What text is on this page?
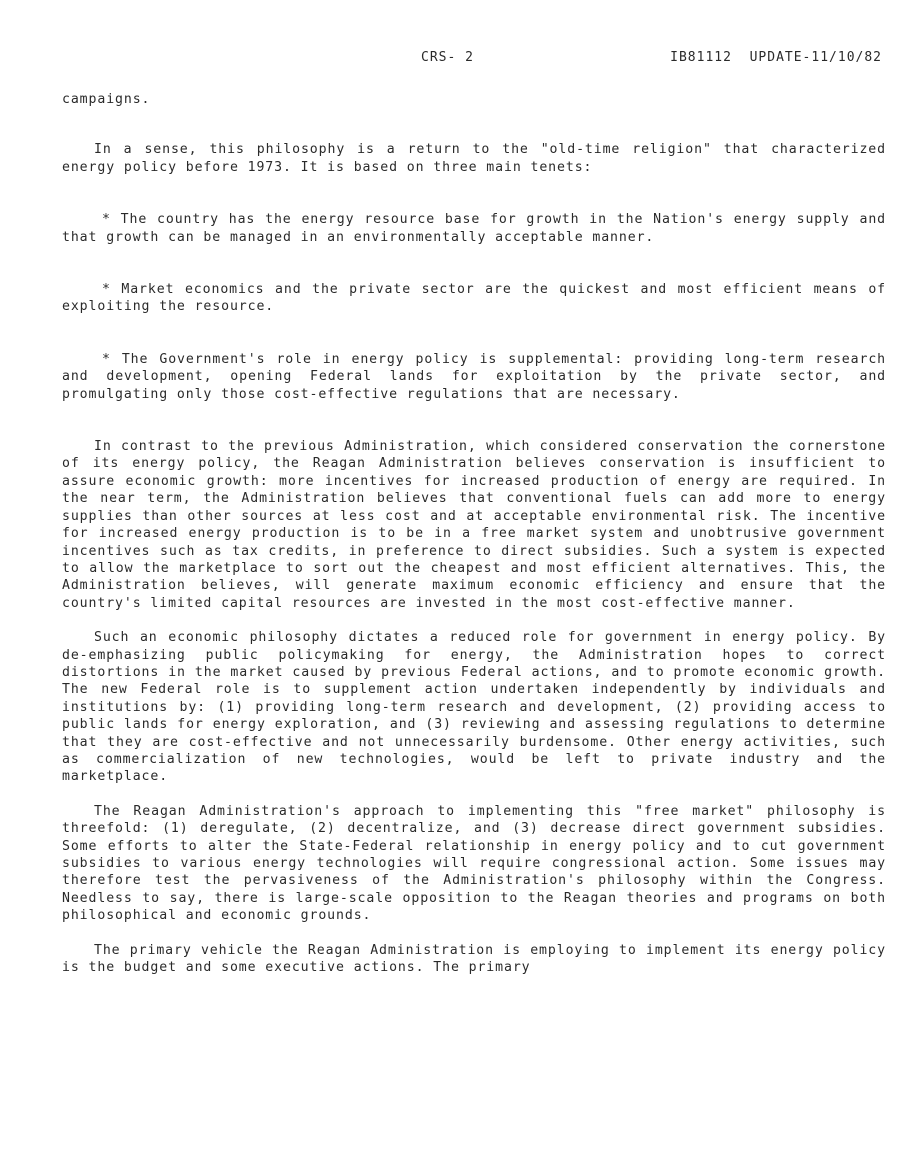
CRS- 2	IB81112  UPDATE-11/10/82

campaigns.

In a sense, this philosophy is a return to the "old-time religion" that characterized energy policy before 1973. It is based on three main tenets:

* The country has the energy resource base for growth in the Nation's energy supply and that growth can be managed in an environmentally acceptable manner.

* Market economics and the private sector are the quickest and most efficient means of exploiting the resource.

* The Government's role in energy policy is supplemental: providing long-term research and development, opening Federal lands for exploitation by the private sector, and promulgating only those cost-effective regulations that are necessary.

In contrast to the previous Administration, which considered conservation the cornerstone of its energy policy, the Reagan Administration believes conservation is insufficient to assure economic growth: more incentives for increased production of energy are required. In the near term, the Administration believes that conventional fuels can add more to energy supplies than other sources at less cost and at acceptable environmental risk. The incentive for increased energy production is to be in a free market system and unobtrusive government incentives such as tax credits, in preference to direct subsidies. Such a system is expected to allow the marketplace to sort out the cheapest and most efficient alternatives. This, the Administration believes, will generate maximum economic efficiency and ensure that the country's limited capital resources are invested in the most cost-effective manner.

Such an economic philosophy dictates a reduced role for government in energy policy. By de-emphasizing public policymaking for energy, the Administration hopes to correct distortions in the market caused by previous Federal actions, and to promote economic growth. The new Federal role is to supplement action undertaken independently by individuals and institutions by: (1) providing long-term research and development, (2) providing access to public lands for energy exploration, and (3) reviewing and assessing regulations to determine that they are cost-effective and not unnecessarily burdensome. Other energy activities, such as commercialization of new technologies, would be left to private industry and the marketplace.

The Reagan Administration's approach to implementing this "free market" philosophy is threefold: (1) deregulate, (2) decentralize, and (3) decrease direct government subsidies. Some efforts to alter the State-Federal relationship in energy policy and to cut government subsidies to various energy technologies will require congressional action. Some issues may therefore test the pervasiveness of the Administration's philosophy within the Congress. Needless to say, there is large-scale opposition to the Reagan theories and programs on both philosophical and economic grounds.

The primary vehicle the Reagan Administration is employing to implement its energy policy is the budget and some executive actions. The primary
